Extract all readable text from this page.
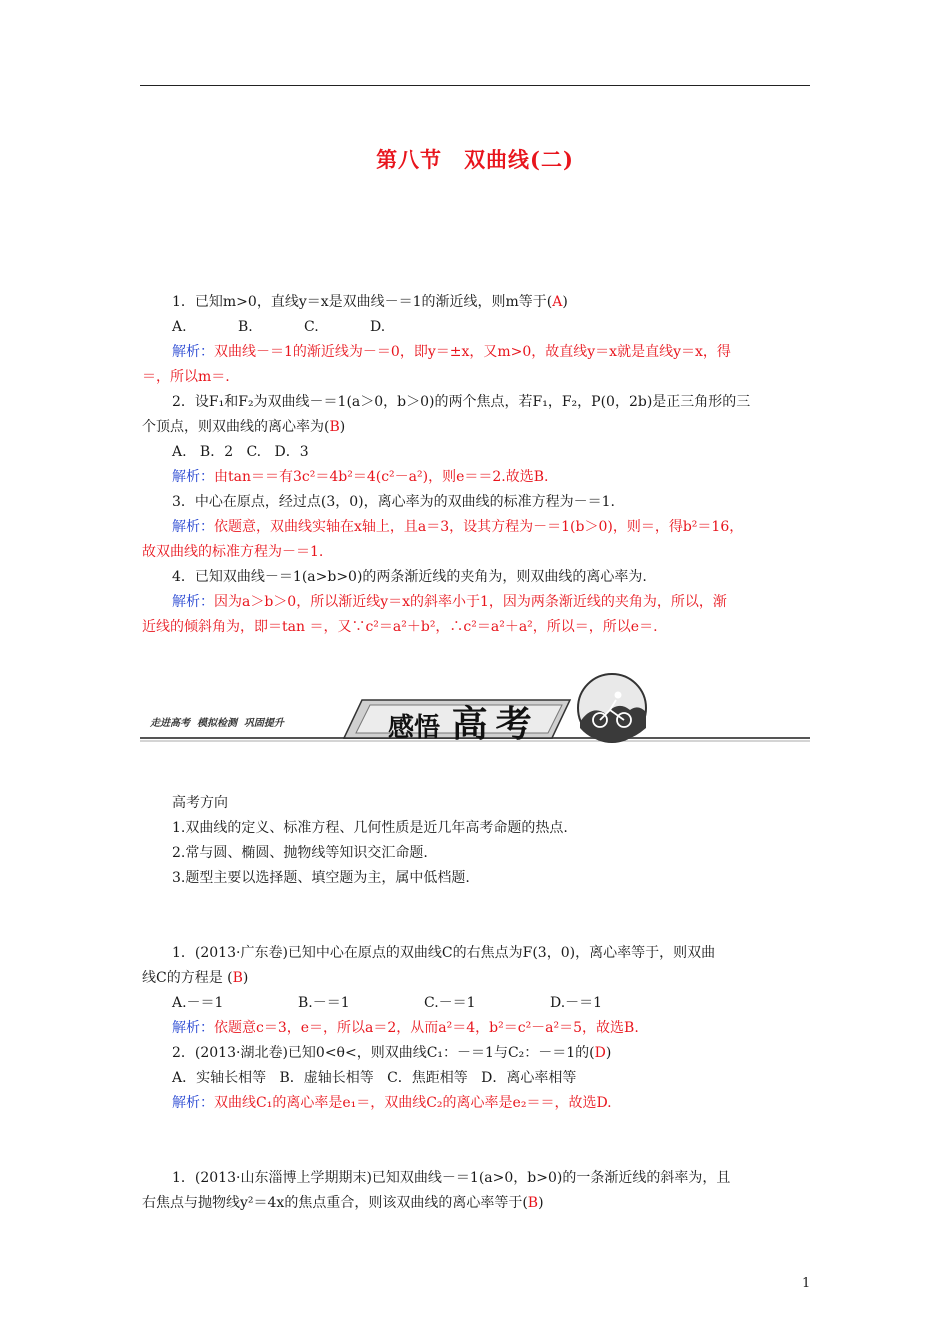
第八节 双曲线(二)

1．已知m>0，直线y＝x是双曲线－＝1的渐近线，则m等于(A)

A.	B.	C.	D.

解析：双曲线－＝1的渐近线为－＝0，即y＝±x，又m>0，故直线y＝x就是直线y＝x，得

＝，所以m＝.

2．设F₁和F₂为双曲线－＝1(a＞0，b＞0)的两个焦点，若F₁，F₂，P(0，2b)是正三角形的三

个顶点，则双曲线的离心率为(B)

A.   B．2   C.   D．3

解析：由tan＝＝有3c²＝4b²＝4(c²－a²)，则e＝＝2.故选B.

3．中心在原点，经过点(3，0)，离心率为的双曲线的标准方程为－＝1.

解析：依题意，双曲线实轴在x轴上，且a＝3，设其方程为－＝1(b＞0)，则＝，得b²＝16，

故双曲线的标准方程为－＝1.

4．已知双曲线－＝1(a>b>0)的两条渐近线的夹角为，则双曲线的离心率为.

解析：因为a＞b＞0，所以渐近线y＝x的斜率小于1，因为两条渐近线的夹角为，所以，渐

近线的倾斜角为，即＝tan ＝，又∵c²＝a²＋b²，∴c²＝a²＋a²，所以＝，所以e＝.

走进高考  模拟检测  巩固提升	感悟 高考

高考方向

1.双曲线的定义、标准方程、几何性质是近几年高考命题的热点.

2.常与圆、椭圆、抛物线等知识交汇命题.

3.题型主要以选择题、填空题为主，属中低档题.

1．(2013·广东卷)已知中心在原点的双曲线C的右焦点为F(3，0)，离心率等于，则双曲

线C的方程是 (B)

A.－＝1	B.－＝1	C.－＝1	D.－＝1

解析：依题意c＝3，e＝，所以a＝2，从而a²＝4，b²＝c²－a²＝5，故选B.

2．(2013·湖北卷)已知0<θ<，则双曲线C₁：－＝1与C₂：－＝1的(D)

A．实轴长相等   B．虚轴长相等   C．焦距相等   D．离心率相等

解析：双曲线C₁的离心率是e₁＝，双曲线C₂的离心率是e₂＝＝，故选D.

1．(2013·山东淄博上学期期末)已知双曲线－＝1(a>0，b>0)的一条渐近线的斜率为，且

右焦点与抛物线y²＝4x的焦点重合，则该双曲线的离心率等于(B)

1
